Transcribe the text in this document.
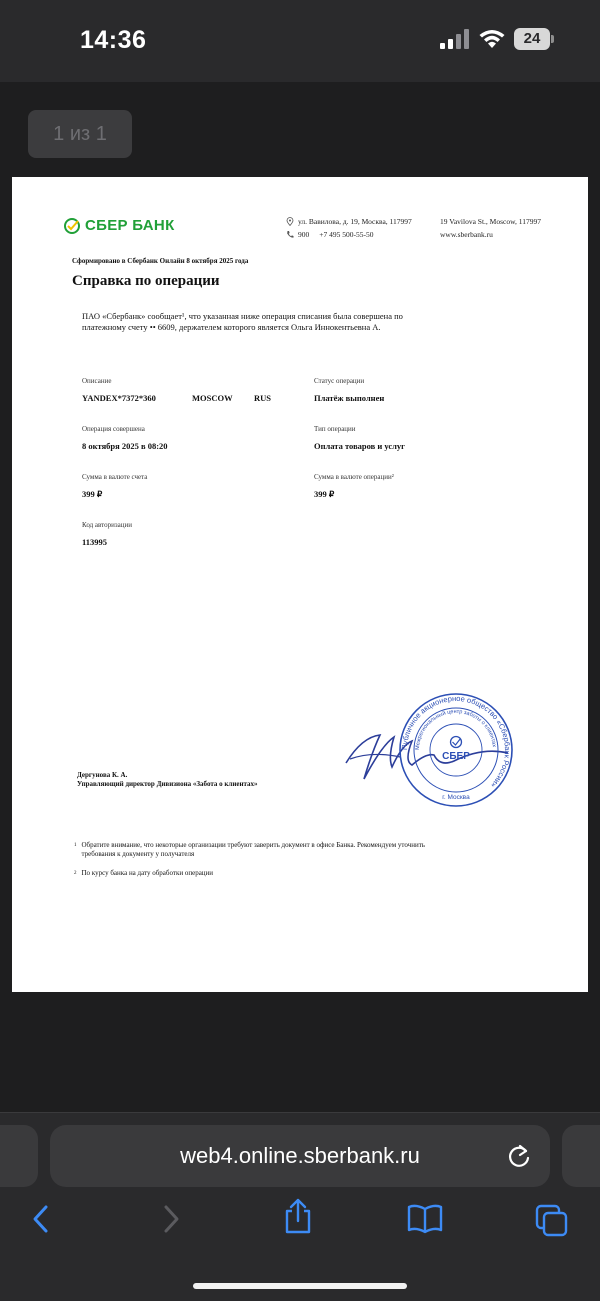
14:36	24
1 из 1
СБЕР БАНК	ул. Вавилова, д. 19, Москва, 117997
900 +7 495 500-55-50
19 Vavilova St., Moscow, 117997
www.sberbank.ru
Сформировано в Сбербанк Онлайн 8 октября 2025 года
Справка по операции
ПАО «Сбербанк» сообщает¹, что указанная ниже операция списания была совершена по платежному счету •• 6609, держателем которого является Ольга Иннокентьевна А.
Описание
YANDEX*7372*360	MOSCOW	RUS
Статус операции
Платёж выполнен
Операция совершена
8 октября 2025 в 08:20
Тип операции
Оплата товаров и услуг
Сумма в валюте счета
399 ₽
Сумма в валюте операции²
399 ₽
Код авторизации
113995
Публичное акционерное общество «Сбербанк России»
Межрегиональный центр заботы о клиентах
СБЕР
г. Москва
Дергунова К. А.
Управляющий директор Дивизиона «Забота о клиентах»
1 Обратите внимание, что некоторые организации требуют заверить документ в офисе Банка. Рекомендуем уточнить требования к документу у получателя
2 По курсу банка на дату обработки операции
web4.online.sberbank.ru
